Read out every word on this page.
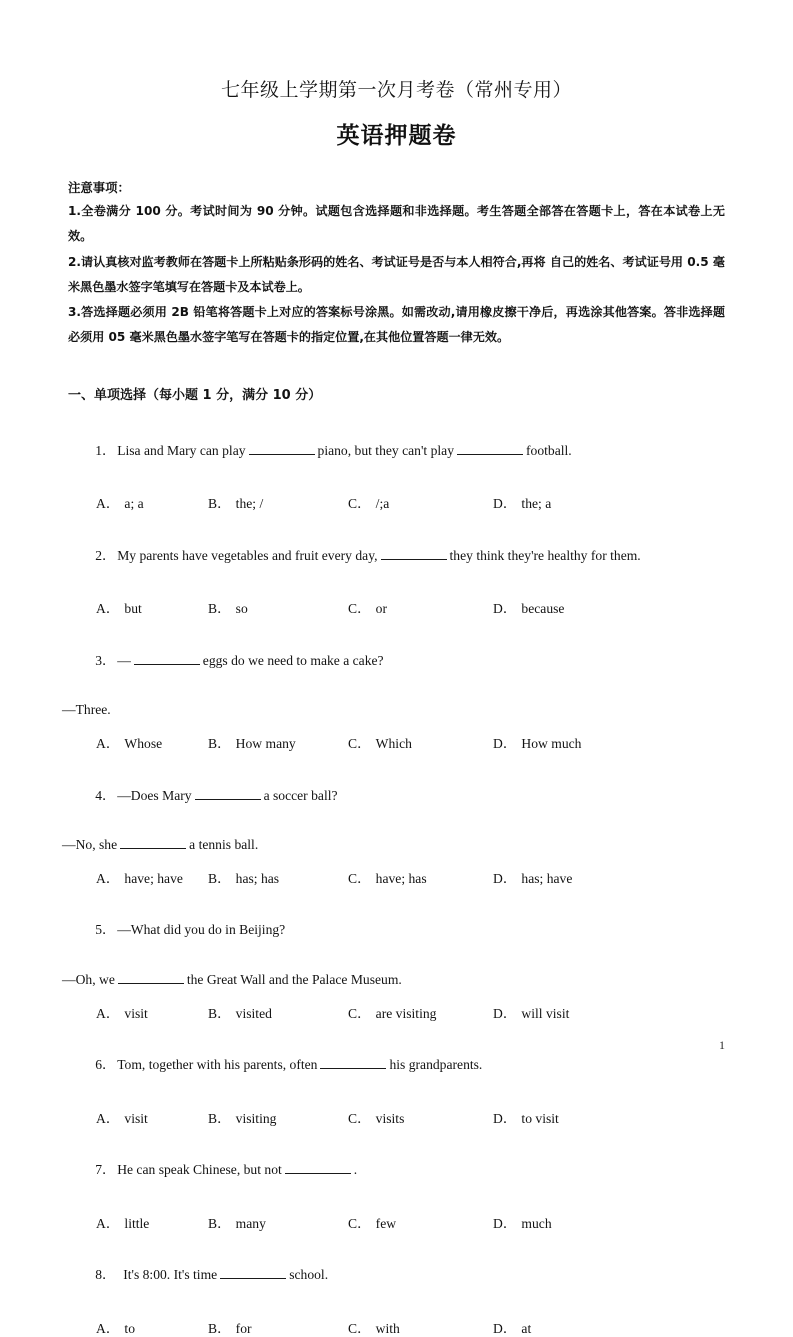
七年级上学期第一次月考卷（常州专用）
英语押题卷
注意事项：

1.全卷满分 100 分。考试时间为 90 分钟。试题包含选择题和非选择题。考生答题全部答在答题卡上，答在本试卷上无效。

2.请认真核对监考教师在答题卡上所粘贴条形码的姓名、考试证号是否与本人相符合,再将 自己的姓名、考试证号用 0.5 毫米黑色墨水签字笔填写在答题卡及本试卷上。

3.答选择题必须用 2B 铅笔将答题卡上对应的答案标号涂黑。如需改动,请用橡皮擦干净后，再选涂其他答案。答非选择题必须用 05 毫米黑色墨水签字笔写在答题卡的指定位置,在其他位置答题一律无效。

一、单项选择（每小题 1 分，满分 10 分）

1． Lisa and Mary can play	piano, but they can't play	football.

A． a; a	B． the; /	C． /;a	D． the; a

2． My parents have vegetables and fruit every day,	they think they're healthy for them.

A． but	B． so	C． or	D． because

3． —	eggs do we need to make a cake?

—Three.
A． Whose	B． How many	C． Which	D． How much

4． —Does Mary	a soccer ball?

—No, she	a tennis ball.
A． have; have B． has; has	C． have; has	D． has; have

5． —What did you do in Beijing?

—Oh, we	the Great Wall and the Palace Museum.
A． visit	B． visited	C． are visiting	D． will visit

6． Tom, together with his parents, often	his grandparents.

A． visit	B． visiting	C． visits	D． to visit

7． He can speak Chinese, but not	.

A． little	B． many	C． few	D． much

8． It's 8:00. It's time	school.

A． to	B． for	C． with	D． at
1
